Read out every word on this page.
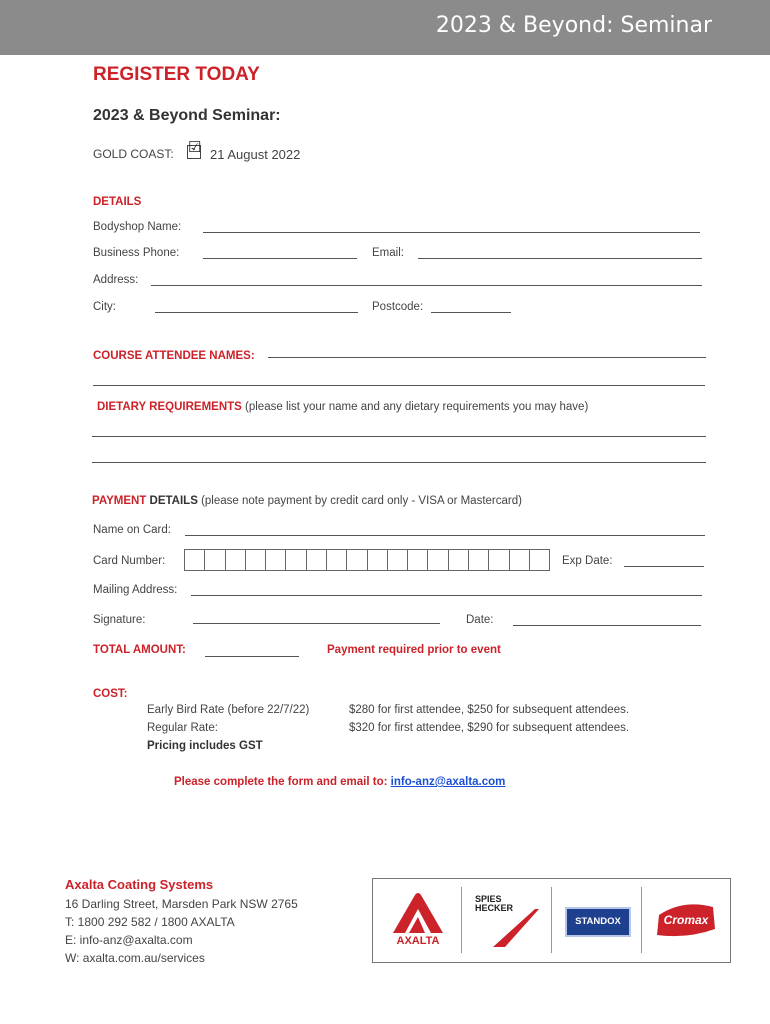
2023 & Beyond: Seminar
REGISTER TODAY
2023 & Beyond Seminar:
GOLD COAST: ☑ 21 August 2022
DETAILS
Bodyshop Name:
Business Phone:	Email:
Address:
City:	Postcode:
COURSE ATTENDEE NAMES:
DIETARY REQUIREMENTS (please list your name and any dietary requirements you may have)
PAYMENT DETAILS (please note payment by credit card only - VISA or Mastercard)
Name on Card:
Card Number:	Exp Date:
Mailing Address:
Signature:	Date:
TOTAL AMOUNT:	Payment required prior to event
COST:
Early Bird Rate (before 22/7/22)	$280 for first attendee, $250 for subsequent attendees.
Regular Rate:	$320 for first attendee, $290 for subsequent attendees.
Pricing includes GST
Please complete the form and email to: info-anz@axalta.com
Axalta Coating Systems
16 Darling Street, Marsden Park NSW 2765
T: 1800 292 582 / 1800 AXALTA
E: info-anz@axalta.com
W: axalta.com.au/services
AXALTA
SPIES
HECKER
STANDOX	Cromax
